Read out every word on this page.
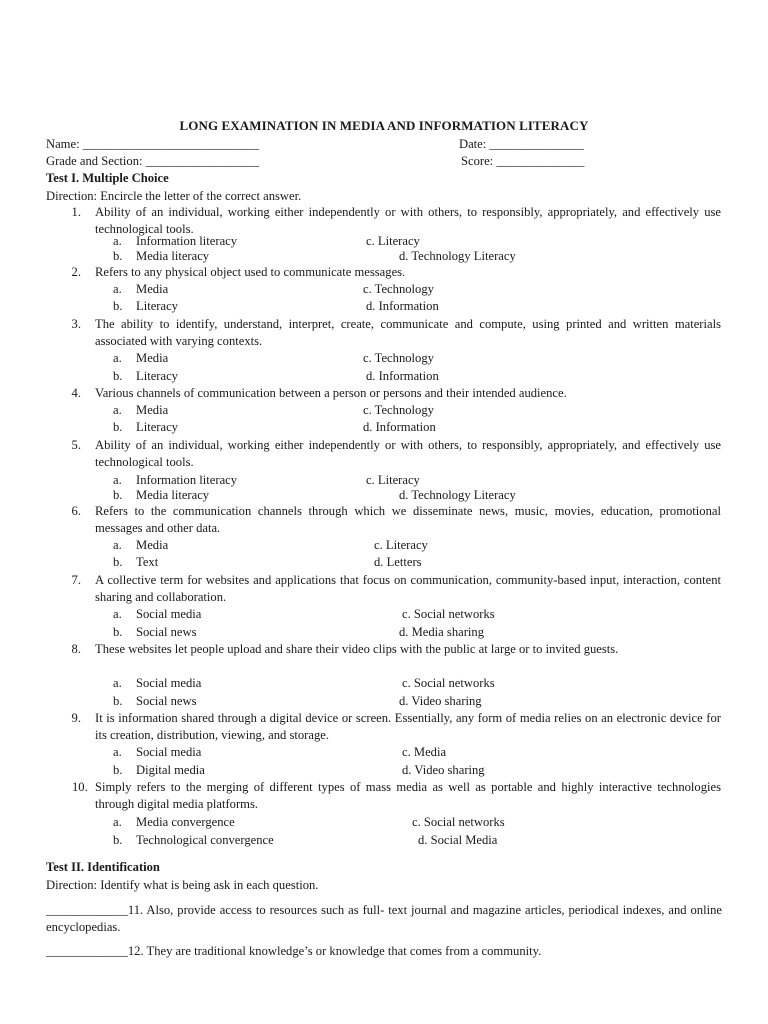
LONG EXAMINATION IN MEDIA AND INFORMATION LITERACY
Name: ____________________________	Date: _______________
Grade and Section: __________________	Score: ______________
Test I. Multiple Choice
Direction: Encircle the letter of the correct answer.
1. Ability of an individual, working either independently or with others, to responsibly, appropriately, and effectively use technological tools.
a. Information literacy	c. Literacy
b. Media literacy	d. Technology Literacy
2. Refers to any physical object used to communicate messages.
a. Media	c. Technology
b. Literacy	d. Information
3. The ability to identify, understand, interpret, create, communicate and compute, using printed and written materials associated with varying contexts.
a. Media	c. Technology
b. Literacy	d. Information
4. Various channels of communication between a person or persons and their intended audience.
a. Media	c. Technology
b. Literacy	d. Information
5. Ability of an individual, working either independently or with others, to responsibly, appropriately, and effectively use technological tools.
a. Information literacy	c. Literacy
b. Media literacy	d. Technology Literacy
6. Refers to the communication channels through which we disseminate news, music, movies, education, promotional messages and other data.
a. Media	c. Literacy
b. Text	d. Letters
7. A collective term for websites and applications that focus on communication, community-based input, interaction, content sharing and collaboration.
a. Social media	c. Social networks
b. Social news	d. Media sharing
8. These websites let people upload and share their video clips with the public at large or to invited guests.
a. Social media	c. Social networks
b. Social news	d. Video sharing
9. It is information shared through a digital device or screen. Essentially, any form of media relies on an electronic device for its creation, distribution, viewing, and storage.
a. Social media	c. Media
b. Digital media	d. Video sharing
10. Simply refers to the merging of different types of mass media as well as portable and highly interactive technologies through digital media platforms.
a. Media convergence	c. Social networks
b. Technological convergence	d. Social Media
Test II. Identification
Direction: Identify what is being ask in each question.
_____________11. Also, provide access to resources such as full- text journal and magazine articles, periodical indexes, and online encyclopedias.
_____________12. They are traditional knowledge’s or knowledge that comes from a community.
